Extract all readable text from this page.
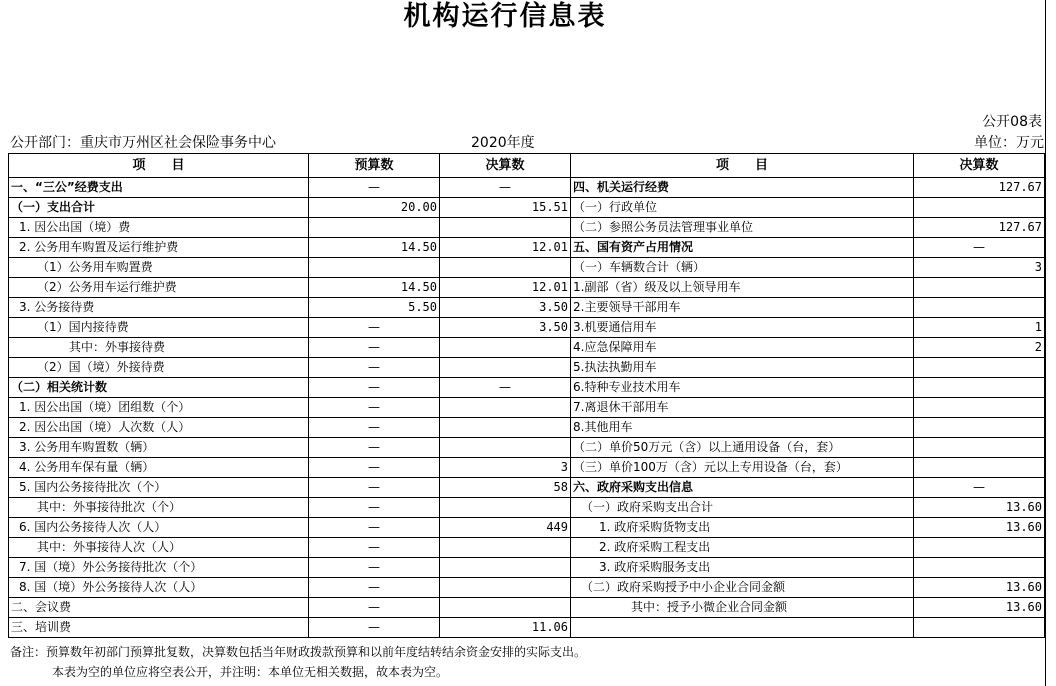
机构运行信息表
公开08表
公开部门：重庆市万州区社会保险事务中心	2020年度	单位：万元
项　　目	预算数	决算数	项　　目	决算数
一、“三公”经费支出	—	—	四、机关运行经费	127.67
（一）支出合计	20.00	15.51	（一）行政单位	
1. 因公出国（境）费			（二）参照公务员法管理事业单位	127.67
2. 公务用车购置及运行维护费	14.50	12.01	五、国有资产占用情况	—
（1）公务用车购置费			（一）车辆数合计（辆）	3
（2）公务用车运行维护费	14.50	12.01	1.副部（省）级及以上领导用车	
3. 公务接待费	5.50	3.50	2.主要领导干部用车	
（1）国内接待费	—	3.50	3.机要通信用车	1
其中：外事接待费	—		4.应急保障用车	2
（2）国（境）外接待费	—		5.执法执勤用车	
（二）相关统计数	—	—	6.特种专业技术用车	
1. 因公出国（境）团组数（个）	—		7.离退休干部用车	
2. 因公出国（境）人次数（人）	—		8.其他用车	
3. 公务用车购置数（辆）	—		（二）单价50万元（含）以上通用设备（台，套）	
4. 公务用车保有量（辆）	—	3	（三）单价100万（含）元以上专用设备（台，套）	
5. 国内公务接待批次（个）	—	58	六、政府采购支出信息	—
其中：外事接待批次（个）	—		（一）政府采购支出合计	13.60
6. 国内公务接待人次（人）	—	449	1. 政府采购货物支出	13.60
其中：外事接待人次（人）	—		2. 政府采购工程支出	
7. 国（境）外公务接待批次（个）	—		3. 政府采购服务支出	
8. 国（境）外公务接待人次（人）	—		（二）政府采购授予中小企业合同金额	13.60
二、会议费	—		其中：授予小微企业合同金额	13.60
三、培训费	—	11.06		
备注：预算数年初部门预算批复数，决算数包括当年财政拨款预算和以前年度结转结余资金安排的实际支出。
本表为空的单位应将空表公开，并注明：本单位无相关数据，故本表为空。
